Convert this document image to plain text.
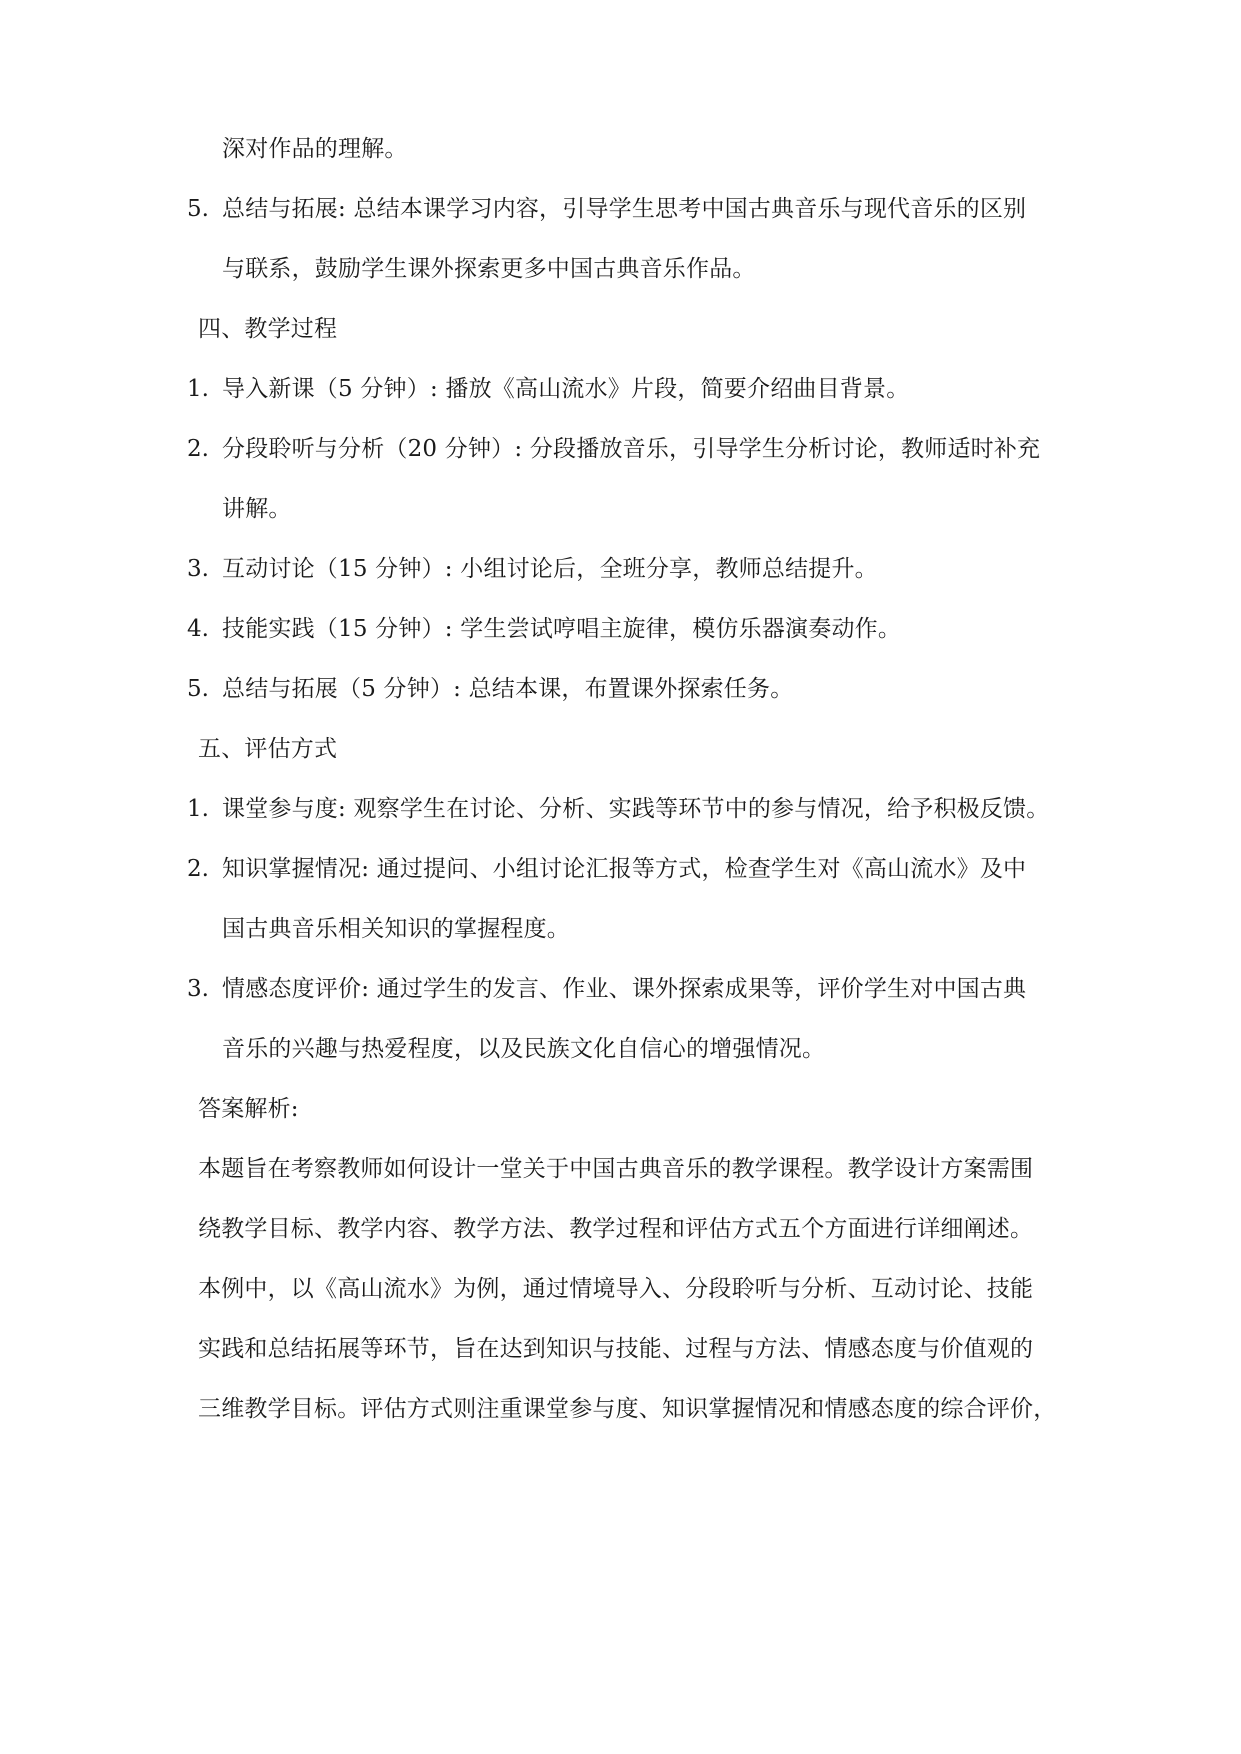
深对作品的理解。
5. 总结与拓展: 总结本课学习内容，引导学生思考中国古典音乐与现代音乐的区别
与联系，鼓励学生课外探索更多中国古典音乐作品。
四、教学过程
1. 导入新课（5 分钟）: 播放《高山流水》片段，简要介绍曲目背景。
2. 分段聆听与分析（20 分钟）: 分段播放音乐，引导学生分析讨论，教师适时补充
讲解。
3. 互动讨论（15 分钟）: 小组讨论后，全班分享，教师总结提升。
4. 技能实践（15 分钟）: 学生尝试哼唱主旋律，模仿乐器演奏动作。
5. 总结与拓展（5 分钟）: 总结本课，布置课外探索任务。
五、评估方式
1. 课堂参与度: 观察学生在讨论、分析、实践等环节中的参与情况，给予积极反馈。
2. 知识掌握情况: 通过提问、小组讨论汇报等方式，检查学生对《高山流水》及中
国古典音乐相关知识的掌握程度。
3. 情感态度评价: 通过学生的发言、作业、课外探索成果等，评价学生对中国古典
音乐的兴趣与热爱程度，以及民族文化自信心的增强情况。
答案解析:
本题旨在考察教师如何设计一堂关于中国古典音乐的教学课程。教学设计方案需围
绕教学目标、教学内容、教学方法、教学过程和评估方式五个方面进行详细阐述。
本例中，以《高山流水》为例，通过情境导入、分段聆听与分析、互动讨论、技能
实践和总结拓展等环节，旨在达到知识与技能、过程与方法、情感态度与价值观的
三维教学目标。评估方式则注重课堂参与度、知识掌握情况和情感态度的综合评价，
